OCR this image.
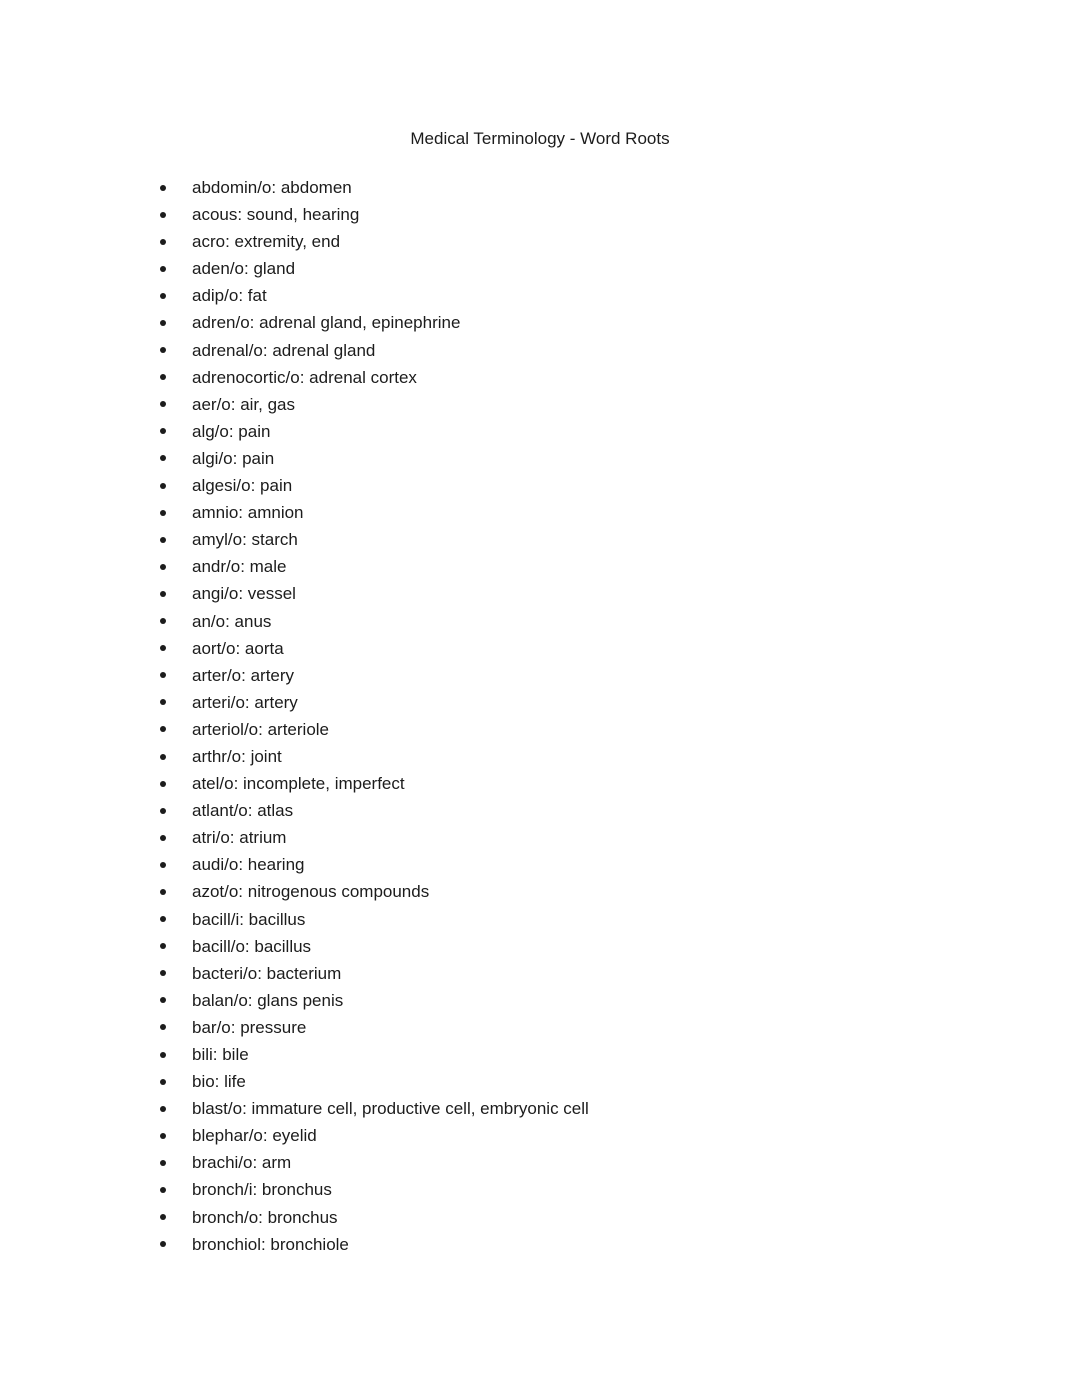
Medical Terminology - Word Roots
abdomin/o: abdomen
acous: sound, hearing
acro: extremity, end
aden/o: gland
adip/o: fat
adren/o: adrenal gland, epinephrine
adrenal/o: adrenal gland
adrenocortic/o: adrenal cortex
aer/o: air, gas
alg/o: pain
algi/o: pain
algesi/o: pain
amnio: amnion
amyl/o: starch
andr/o: male
angi/o: vessel
an/o: anus
aort/o: aorta
arter/o: artery
arteri/o: artery
arteriol/o: arteriole
arthr/o: joint
atel/o: incomplete, imperfect
atlant/o: atlas
atri/o: atrium
audi/o: hearing
azot/o: nitrogenous compounds
bacill/i: bacillus
bacill/o: bacillus
bacteri/o: bacterium
balan/o: glans penis
bar/o: pressure
bili: bile
bio: life
blast/o: immature cell, productive cell, embryonic cell
blephar/o: eyelid
brachi/o: arm
bronch/i: bronchus
bronch/o: bronchus
bronchiol: bronchiole
